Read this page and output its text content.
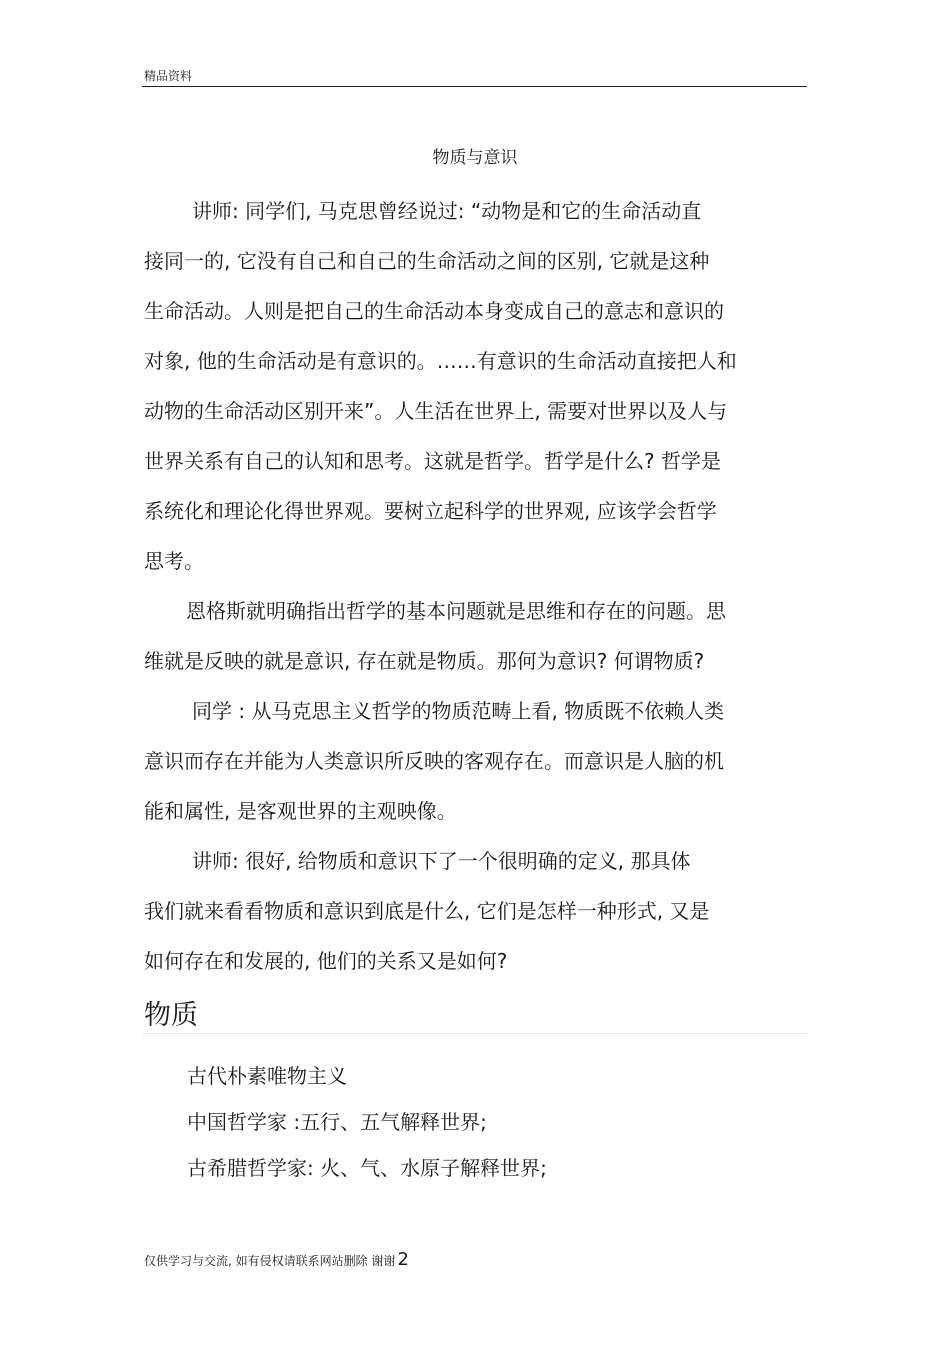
精品资料
物质与意识
讲师: 同学们, 马克思曾经说过: “动物是和它的生命活动直
接同一的, 它没有自己和自己的生命活动之间的区别, 它就是这种
生命活动。人则是把自己的生命活动本身变成自己的意志和意识的
对象, 他的生命活动是有意识的。……有意识的生命活动直接把人和
动物的生命活动区别开来”。人生活在世界上, 需要对世界以及人与
世界关系有自己的认知和思考。这就是哲学。哲学是什么? 哲学是
系统化和理论化得世界观。要树立起科学的世界观, 应该学会哲学
思考。
恩格斯就明确指出哲学的基本问题就是思维和存在的问题。思
维就是反映的就是意识, 存在就是物质。那何为意识? 何谓物质?
同学 : 从马克思主义哲学的物质范畴上看, 物质既不依赖人类
意识而存在并能为人类意识所反映的客观存在。而意识是人脑的机
能和属性, 是客观世界的主观映像。
讲师: 很好, 给物质和意识下了一个很明确的定义, 那具体
我们就来看看物质和意识到底是什么, 它们是怎样一种形式, 又是
如何存在和发展的, 他们的关系又是如何?
物质
古代朴素唯物主义
中国哲学家 :五行、五气解释世界;
古希腊哲学家: 火、气、水原子解释世界;
仅供学习与交流, 如有侵权请联系网站删除 谢谢 2
